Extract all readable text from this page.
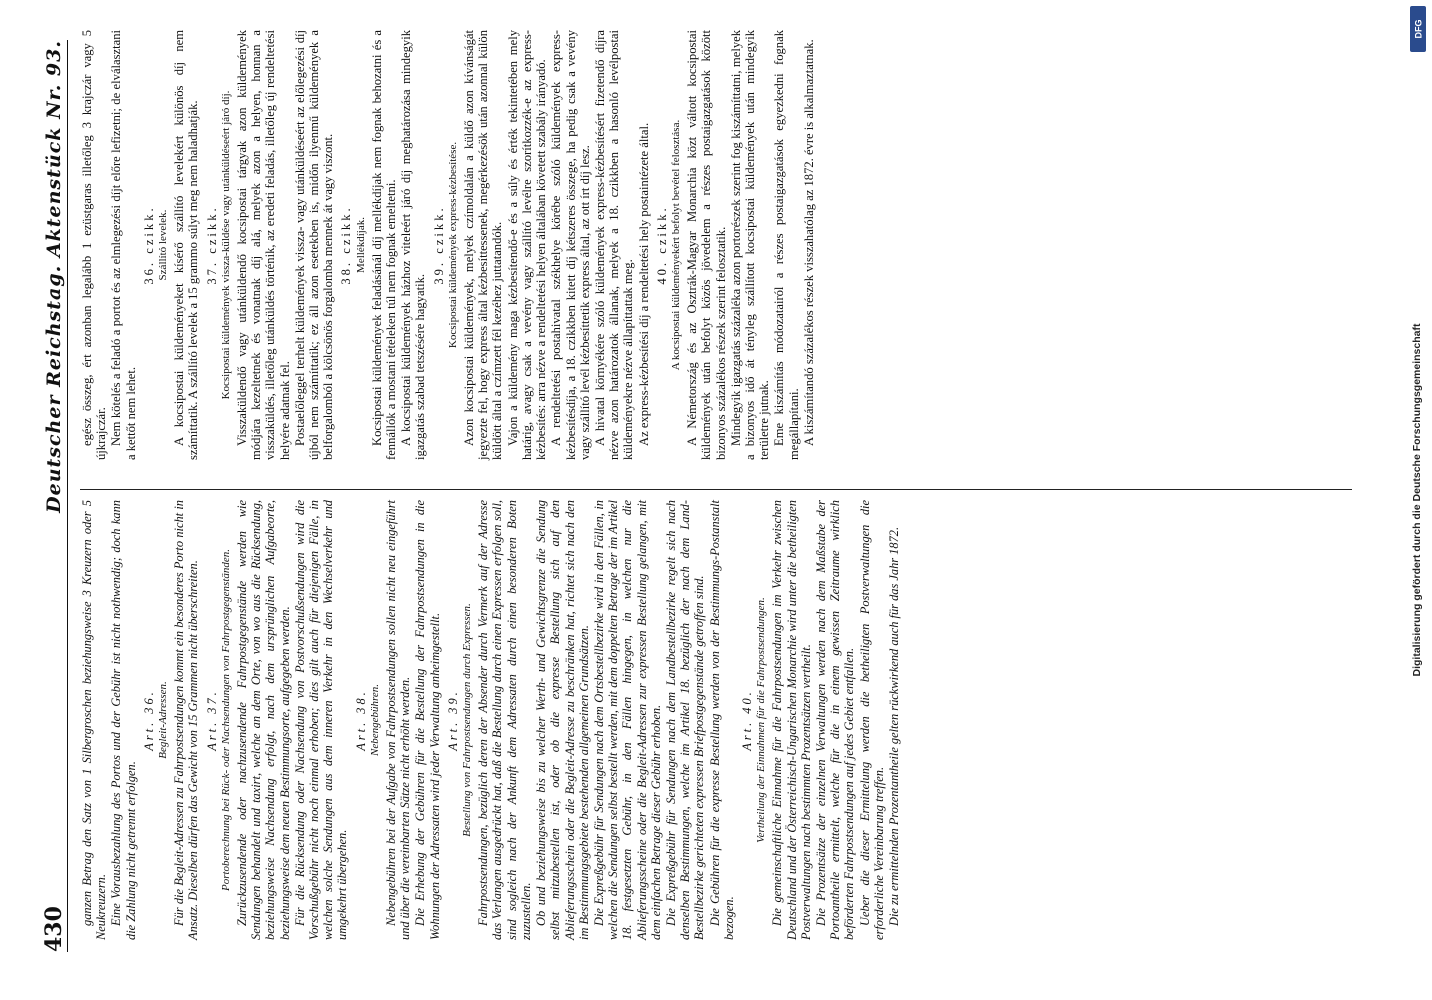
430
Deutscher Reichstag. Aktenstück Nr. 93.

ganzen Betrag den Satz von 1 Silbergroschen beziehungsweise 3 Kreuzern oder 5 Neukreuzern. Eine Vorausbezahlung des Portos und der Gebühr ist nicht nothwendig; doch kann die Zahlung nicht getrennt erfolgen.

Art. 36. Begleit-Adressen. Für die Begleit-Adressen zu Fahrpostsendungen kommt ein besonderes Porto nicht in Ansatz. Dieselben dürfen das Gewicht von 15 Grammen nicht überschreiten. Art. 37. Portoberechnung bei Rück- oder Nachsendungen von Fahrpostgegenständen. Zurückzusendende oder nachzusendende Fahrpostgegenstände werden wie Sendungen behandelt und taxirt, welche an dem Orte, von wo aus die Rücksendung, beziehungsweise Nachsendung erfolgt, nach dem ursprünglichen Aufgabeorte, beziehungsweise dem neuen Bestimmungsorte, aufgegeben werden. Für die Rücksendung oder Nachsendung von Postvorschußsendungen wird die Vorschußgebühr nicht noch einmal erhoben; dies gilt auch für diejenigen Fälle, in welchen solche Sendungen aus dem inneren Verkehr in den Wechselverkehr und umgekehrt übergehen.

Art. 38. Nebengebühren. Nebengebühren bei der Aufgabe von Fahrpostsendungen sollen nicht neu eingeführt und über die vereinbarten Sätze nicht erhöht werden. Die Erhebung der Gebühren für die Bestellung der Fahrpostsendungen in die Wohnungen der Adressaten wird jeder Verwaltung anheimgestellt. Art. 39. Bestellung von Fahrpostsendungen durch Expressen. Fahrpostsendungen, bezüglich deren der Absender durch Vermerk auf der Adresse das Verlangen ausgedrückt hat, daß die Bestellung durch einen Expressen erfolgen soll, sind sogleich nach der Ankunft dem Adressaten durch einen besonderen Boten zuzustellen. Ob und beziehungsweise bis zu welcher Werth- und Gewichtsgrenze die Sendung selbst mitzubestellen ist, oder ob die expresse Bestellung sich auf den Ablieferungsschein oder die Begleit-Adresse zu beschränken hat, richtet sich nach den im Bestimmungsgebiete bestehenden allgemeinen Grundsätzen. Die Expreßgebühr für Sendungen nach dem Ortsbestellbezirke wird in den Fällen, in welchen die Sendungen selbst bestellt werden, mit dem doppelten Betrage der im Artikel 18. festgesetzten Gebühr, in den Fällen hingegen, in welchen nur die Ablieferungsscheine oder die Begleit-Adressen zur expressen Bestellung gelangen, mit dem einfachen Betrage dieser Gebühr erhoben. Die Expreßgebühr für Sendungen nach dem Landbestellbezirke regelt sich nach denselben Bestimmungen, welche im Artikel 18. bezüglich der nach dem Land-Bestellbezirke gerichteten expressen Briefpostgegenstände getroffen sind. Die Gebühren für die expresse Bestellung werden von der Bestimmungs-Postanstalt bezogen.

Art. 40. Vertheilung der Einnahmen für die Fahrpostsendungen. Die gemeinschaftliche Einnahme für die Fahrpostsendungen im Verkehr zwischen Deutschland und der Österreichisch-Ungarischen Monarchie wird unter die betheiligten Postverwaltungen nach bestimmten Prozentsätzen vertheilt. Die Prozentsätze der einzelnen Verwaltungen werden nach dem Maßstabe der Portoantheile ermittelt, welche für die in einem gewissen Zeitraume wirklich beförderten Fahrpostsendungen auf jedes Gebiet entfallen. Ueber die dieser Ermittelung werden die betheiligten Postverwaltungen die erforderliche Vereinbarung treffen. Die zu ermittelnden Prozentantheile gelten rückwirkend auch für das Jahr 1872.

egész összeg, ért azonban legalább 1 ezüstgaras illetőleg 3 krajczár vagy 5 újkrajczár. Nem kötelés a feladó a portot és az elmlegezési díjt előre lefizetni; de elválasztani a kettőt nem lehet.

36. czikk. Szállító levelek. A kocsipostai küldeményeket kísérő szállító levelekért különös díj nem számíttatik. A szállító levelek a 15 grammo súlyt meg nem haladhatják. 37. czikk. Kocsipostai küldemények vissza-küldése vagy utánküldéseért járó díj. Visszaküldendő vagy utánküldendő kocsipostai tárgyak azon küldemények módjára kezeltetnek és vonatnak díj alá, melyek azon a helyen, honnan a visszaküldés, illetőleg utánküldés történik, az eredeti feladás, illetőleg új rendeltetési helyére adatnak fel. Postaelőleggel terhelt küldemények vissza- vagy utánküldéseért az előlegezési díj újból nem számíttatik; ez áll azon esetekben is, midőn ilyenmű küldemények a belforgalomból a kölcsönös forgalomba mennek át vagy viszont. 38. czikk. Mellékdíjak. Kocsipostai küldemények feladásánál díj mellékdíjak nem fognak behozatni és a fennállók a mostani tételeken túl nem fognak emeltetni. A kocsipostai küldemények házhoz viteleért járó díj meghatározása mindegyik igazgatás szabad tetszésére hagyatik.

39. czikk. Kocsipostai küldemények express-kézbesítése. Azon kocsipostai küldemények, melyek czímoldalán a küldő azon kívánságát jegyezte fel, hogy express által kézbesíttessenek, megérkezésök után azonnal külön küldött által a czímzett fél kezéhez juttatandók. Vajon a küldemény maga kézbesítendő-e és a súly és érték tekintetében mely határig, avagy csak a vevény vagy szállító levélre szorítkozzék-e az express-kézbesítés: arra nézve a rendeltetési helyen általában követett szabály irányadó. A rendeltetési postahivatal székhelye körébe szóló küldemények express-kézbesítésdíja, a 18. czikkben kitett díj kétszeres összege, ha pedig csak a vevény vagy szállító levél kézbesíttetik express által, az ott írt díj lesz. A hivatal környékére szóló küldemények express-kézbesítésért fizetendő díjra nézve azon határozatok állanak, melyek a 18. czikkben a hasonló levélpostai küldeményekre nézve állapíttattak meg. Az express-kézbesítési díj a rendeltetési hely postaintézete által. 40. czikk. A kocsipostai küldeményekért befolyt bevétel felosztása. A Németország és az Osztrák-Magyar Monarchia közt váltott kocsipostai küldemények után befolyt közös jövedelem a részes postaigazgatások között bizonyos százalékos részek szerint felosztatik. Mindegyik igazgatás százaléka azon portorészek szerint fog kiszámíttatni, melyek a bizonyos idő át tényleg szállított kocsipostai küldemények után mindegyik területre jutnak. Eme kiszámítás módozatairól a részes postaigazgatások egyezkedni fognak megállapítani. A kiszámítandó százalékos részek visszahatólag az 1872. évre is alkalmaztatnak.

Digitalisierung gefördert durch die Deutsche Forschungsgemeinschaft
DFG
